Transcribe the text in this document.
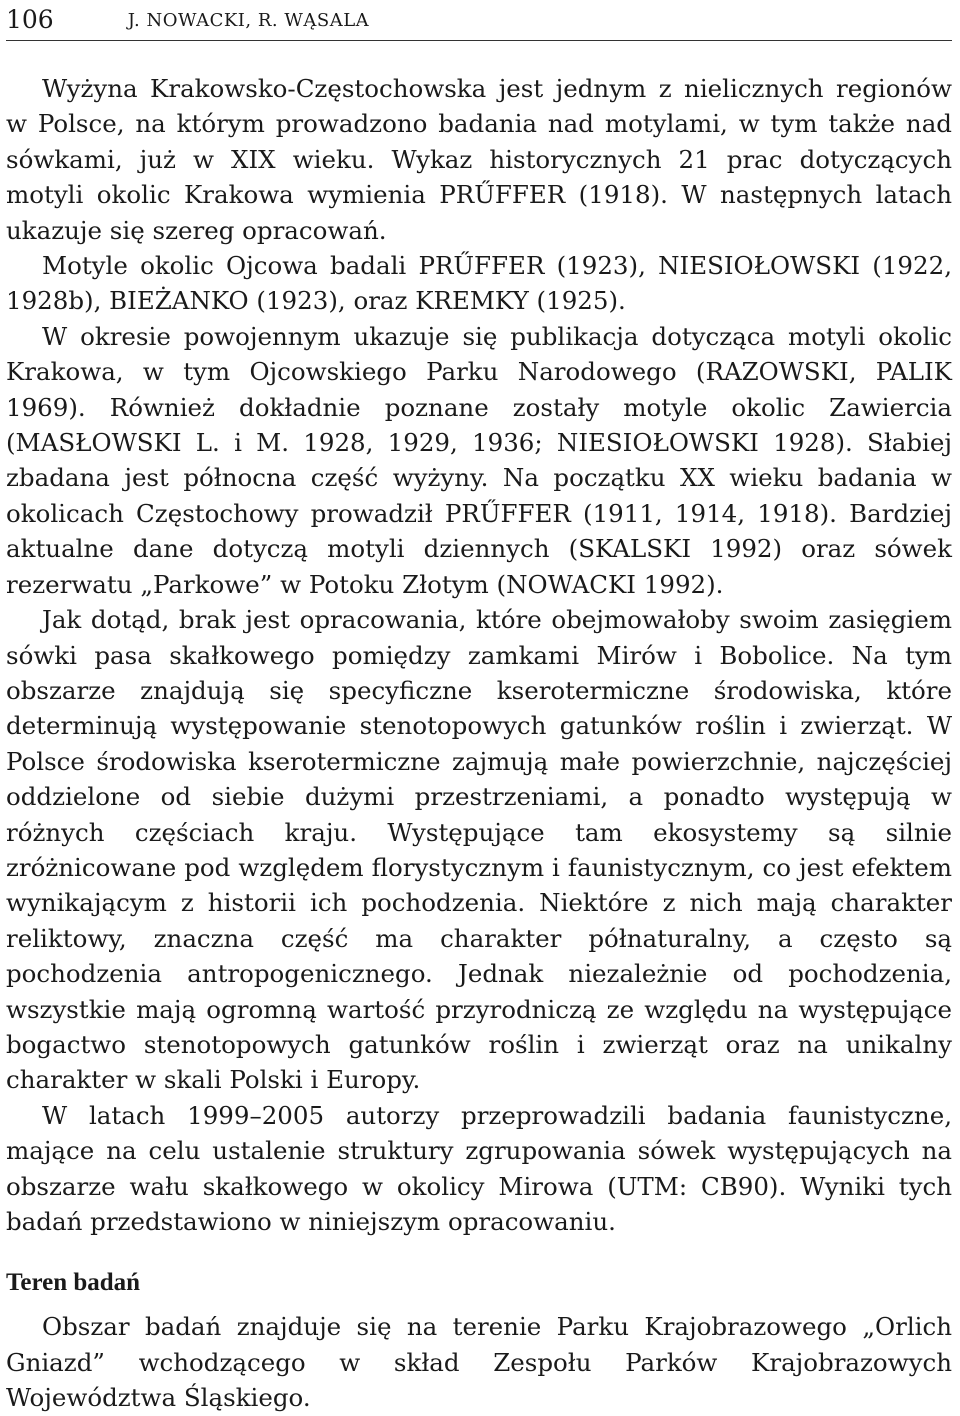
106	J. NOWACKI, R. WĄSALA

Wyżyna Krakowsko-Częstochowska jest jednym z nielicznych regionów w Polsce, na którym prowadzono badania nad motylami, w tym także nad sówkami, już w XIX wieku. Wykaz historycznych 21 prac dotyczących motyli okolic Krakowa wymienia PRŰFFER (1918). W następnych latach ukazuje się szereg opracowań.

Motyle okolic Ojcowa badali PRŰFFER (1923), NIESIOŁOWSKI (1922, 1928b), BIEŻANKO (1923), oraz KREMKY (1925).

W okresie powojennym ukazuje się publikacja dotycząca motyli okolic Krakowa, w tym Ojcowskiego Parku Narodowego (RAZOWSKI, PALIK 1969). Również dokładnie poznane zostały motyle okolic Zawiercia (MASŁOWSKI L. i M. 1928, 1929, 1936; NIESIOŁOWSKI 1928). Słabiej zbadana jest północna część wyżyny. Na początku XX wieku badania w okolicach Częstochowy prowadził PRŰFFER (1911, 1914, 1918). Bardziej aktualne dane dotyczą motyli dziennych (SKALSKI 1992) oraz sówek rezerwatu „Parkowe” w Potoku Złotym (NOWACKI 1992).

Jak dotąd, brak jest opracowania, które obejmowałoby swoim zasięgiem sówki pasa skałkowego pomiędzy zamkami Mirów i Bobolice. Na tym obszarze znajdują się specyficzne kserotermiczne środowiska, które determinują występowanie stenotopowych gatunków roślin i zwierząt. W Polsce środowiska kserotermiczne zajmują małe powierzchnie, najczęściej oddzielone od siebie dużymi przestrzeniami, a ponadto występują w różnych częściach kraju. Występujące tam ekosystemy są silnie zróżnicowane pod względem florystycznym i faunistycznym, co jest efektem wynikającym z historii ich pochodzenia. Niektóre z nich mają charakter reliktowy, znaczna część ma charakter półnaturalny, a często są pochodzenia antropogenicznego. Jednak niezależnie od pochodzenia, wszystkie mają ogromną wartość przyrodniczą ze względu na występujące bogactwo stenotopowych gatunków roślin i zwierząt oraz na unikalny charakter w skali Polski i Europy.

W latach 1999–2005 autorzy przeprowadzili badania faunistyczne, mające na celu ustalenie struktury zgrupowania sówek występujących na obszarze wału skałkowego w okolicy Mirowa (UTM: CB90). Wyniki tych badań przedstawiono w niniejszym opracowaniu.

Teren badań

Obszar badań znajduje się na terenie Parku Krajobrazowego „Orlich Gniazd” wchodzącego w skład Zespołu Parków Krajobrazowych Województwa Śląskiego.
